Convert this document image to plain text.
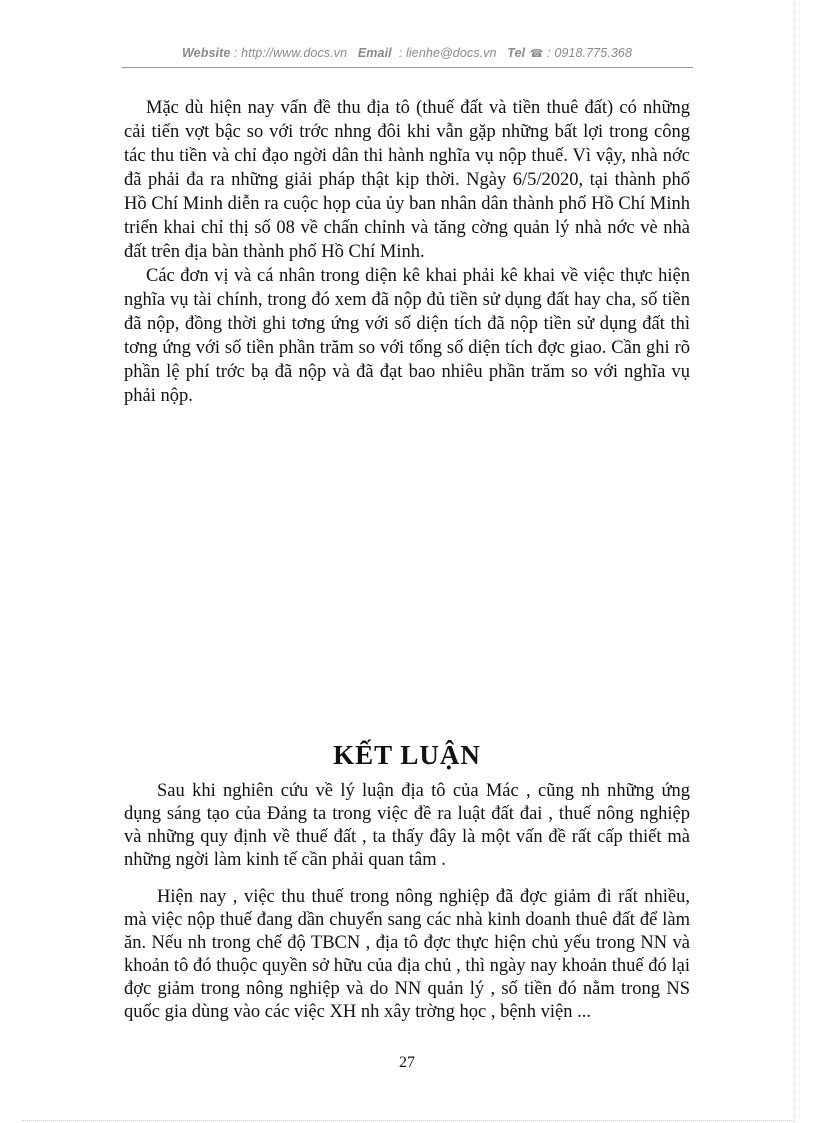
Website : http://www.docs.vn Email : lienhe@docs.vn Tel ☎ : 0918.775.368

Mặc dù hiện nay vấn đề thu địa tô (thuế đất và tiền thuê đất) có những cải tiến vợt bậc so với trớc nhng đôi khi vẫn gặp những bất lợi trong công tác thu tiền và chỉ đạo ngời dân thi hành nghĩa vụ nộp thuế. Vì vậy, nhà nớc đã phải đa ra những giải pháp thật kịp thời. Ngày 6/5/2020, tại thành phố Hồ Chí Minh diễn ra cuộc họp của ủy ban nhân dân thành phố Hồ Chí Minh triển khai chỉ thị số 08 về chấn chỉnh và tăng cờng quản lý nhà nớc vè nhà đất trên địa bàn thành phố Hồ Chí Minh.

Các đơn vị và cá nhân trong diện kê khai phải kê khai về việc thực hiện nghĩa vụ tài chính, trong đó xem đã nộp đủ tiền sử dụng đất hay cha, số tiền đã nộp, đồng thời ghi tơng ứng với số diện tích đã nộp tiền sử dụng đất thì tơng ứng với số tiền phần trăm so với tổng số diện tích đợc giao. Cần ghi rõ phần lệ phí trớc bạ đã nộp và đã đạt bao nhiêu phần trăm so với nghĩa vụ phải nộp.

KẾT LUẬN

Sau khi nghiên cứu về lý luận địa tô của Mác , cũng nh những ứng dụng sáng tạo của Đảng ta trong việc đề ra luật đất đai , thuế nông nghiệp và những quy định về thuế đất , ta thấy đây là một vấn đề rất cấp thiết mà những ngời làm kinh tế cần phải quan tâm .

Hiện nay , việc thu thuế trong nông nghiệp đã đợc giảm đi rất nhiều, mà việc nộp thuế đang dần chuyển sang các nhà kinh doanh thuê đất để làm ăn. Nếu nh trong chế độ TBCN , địa tô đợc thực hiện chủ yếu trong NN và khoản tô đó thuộc quyền sở hữu của địa chủ , thì ngày nay khoản thuế đó lại đợc giảm trong nông nghiệp và do NN quản lý , số tiền đó nằm trong NS quốc gia dùng vào các việc XH nh xây trờng học , bệnh viện ...

27
